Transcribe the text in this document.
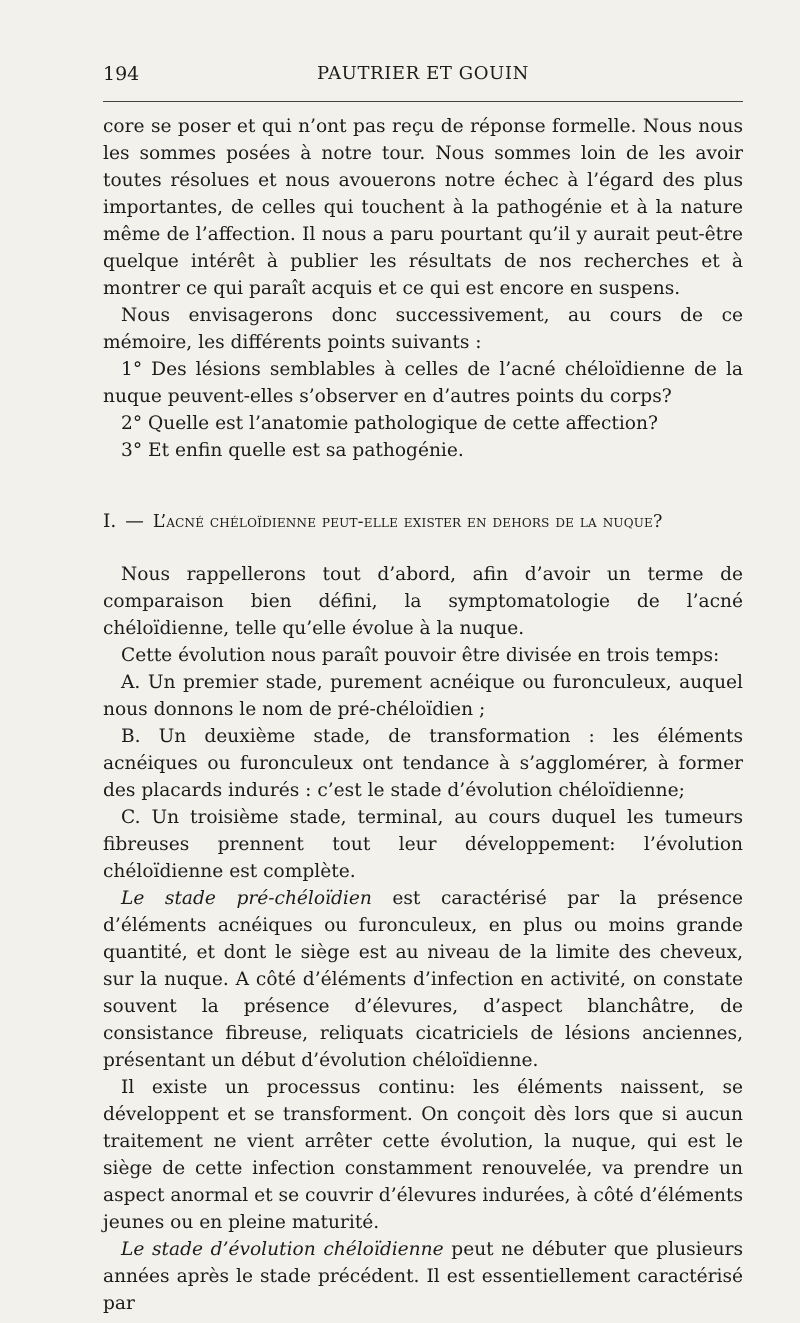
194	PAUTRIER ET GOUIN

core se poser et qui n’ont pas reçu de réponse formelle. Nous nous les sommes posées à notre tour. Nous sommes loin de les avoir toutes résolues et nous avouerons notre échec à l’égard des plus importantes, de celles qui touchent à la pathogénie et à la nature même de l’affection. Il nous a paru pourtant qu’il y aurait peut-être quelque intérêt à publier les résultats de nos recherches et à montrer ce qui paraît acquis et ce qui est encore en suspens.

Nous envisagerons donc successivement, au cours de ce mémoire, les différents points suivants :

1° Des lésions semblables à celles de l’acné chéloïdienne de la nuque peuvent-elles s’observer en d’autres points du corps?

2° Quelle est l’anatomie pathologique de cette affection?

3° Et enfin quelle est sa pathogénie.

I. — L’acné chéloïdienne peut-elle exister en dehors de la nuque?

Nous rappellerons tout d’abord, afin d’avoir un terme de comparaison bien défini, la symptomatologie de l’acné chéloïdienne, telle qu’elle évolue à la nuque.

Cette évolution nous paraît pouvoir être divisée en trois temps:

A. Un premier stade, purement acnéique ou furonculeux, auquel nous donnons le nom de pré-chéloïdien ;

B. Un deuxième stade, de transformation : les éléments acnéiques ou furonculeux ont tendance à s’agglomérer, à former des placards indurés : c’est le stade d’évolution chéloïdienne;

C. Un troisième stade, terminal, au cours duquel les tumeurs fibreuses prennent tout leur développement: l’évolution chéloïdienne est complète.

Le stade pré-chéloïdien est caractérisé par la présence d’éléments acnéiques ou furonculeux, en plus ou moins grande quantité, et dont le siège est au niveau de la limite des cheveux, sur la nuque. A côté d’éléments d’infection en activité, on constate souvent la présence d’élevures, d’aspect blanchâtre, de consistance fibreuse, reliquats cicatriciels de lésions anciennes, présentant un début d’évolution chéloïdienne.

Il existe un processus continu: les éléments naissent, se développent et se transforment. On conçoit dès lors que si aucun traitement ne vient arrêter cette évolution, la nuque, qui est le siège de cette infection constamment renouvelée, va prendre un aspect anormal et se couvrir d’élevures indurées, à côté d’éléments jeunes ou en pleine maturité.

Le stade d’évolution chéloïdienne peut ne débuter que plusieurs années après le stade précédent. Il est essentiellement caractérisé par
